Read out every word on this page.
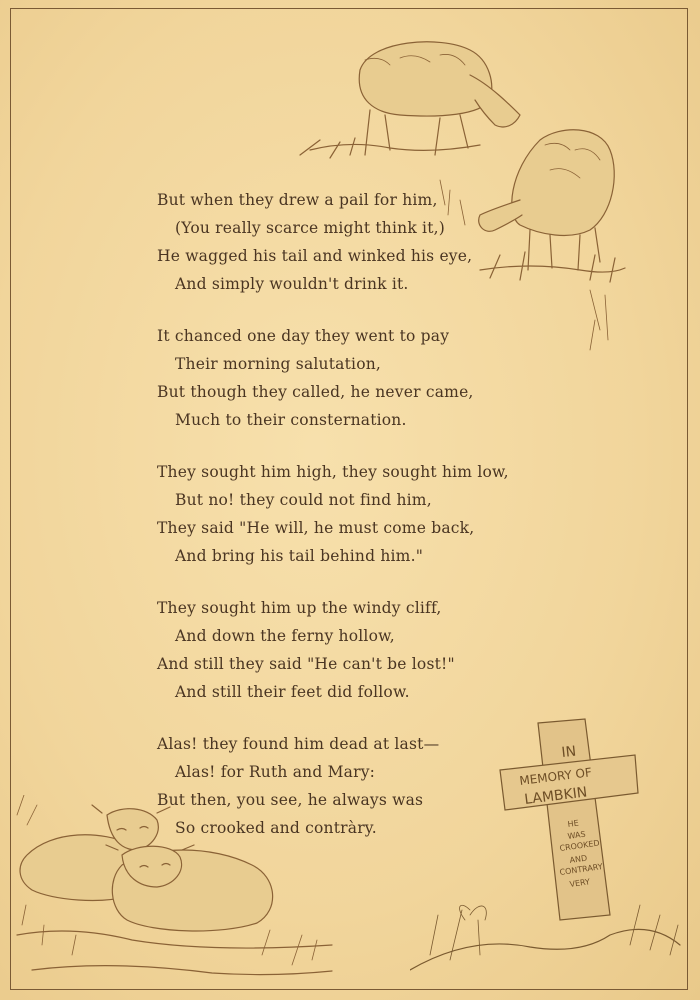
But when they drew a pail for him,
(You really scarce might think it,)
He wagged his tail and winked his eye,
And simply wouldn't drink it.
It chanced one day they went to pay
Their morning salutation,
But though they called, he never came,
Much to their consternation.
They sought him high, they sought him low,
But no! they could not find him,
They said "He will, he must come back,
And bring his tail behind him."
They sought him up the windy cliff,
And down the ferny hollow,
And still they said "He can't be lost!"
And still their feet did follow.
Alas! they found him dead at last—
Alas! for Ruth and Mary:
But then, you see, he always was
So crooked and contràry.
IN
MEMORY OF
LAMBKIN
HE
WAS
CROOKED
AND
CONTRARY
VERY
